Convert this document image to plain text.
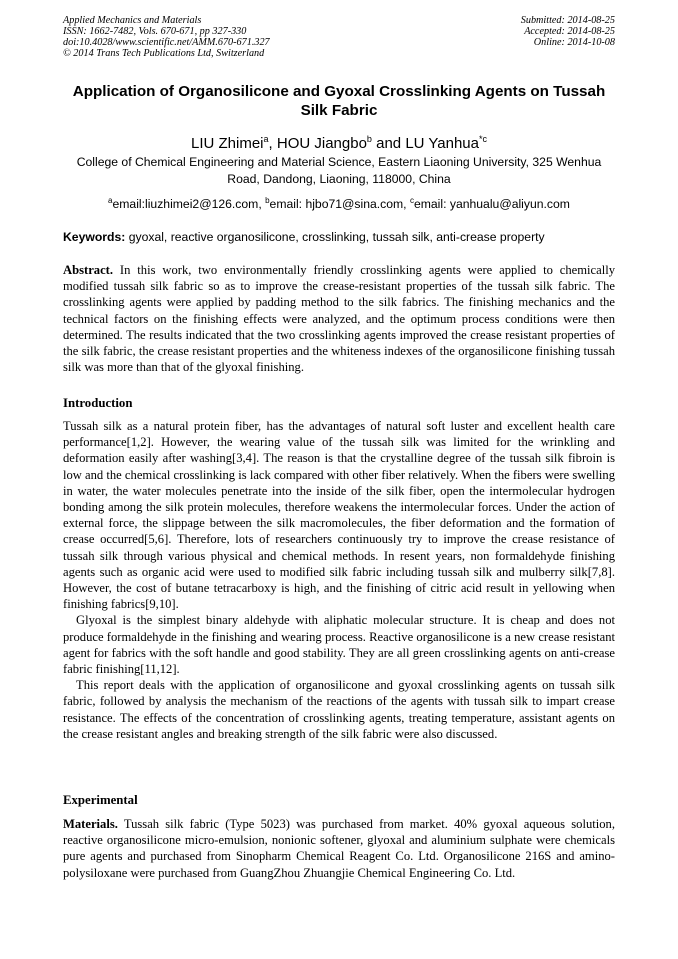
Applied Mechanics and Materials
ISSN: 1662-7482, Vols. 670-671, pp 327-330
doi:10.4028/www.scientific.net/AMM.670-671.327
© 2014 Trans Tech Publications Ltd, Switzerland
Submitted: 2014-08-25
Accepted: 2014-08-25
Online: 2014-10-08
Application of Organosilicone and Gyoxal Crosslinking Agents on Tussah Silk Fabric
LIU Zhimei$^a$, HOU Jiangbo$^b$ and LU Yanhua$^{*c}$
College of Chemical Engineering and Material Science, Eastern Liaoning University, 325 Wenhua Road, Dandong, Liaoning, 118000, China
$^a$email:liuzhimei2@126.com, $^b$email: hjbo71@sina.com, $^c$email: yanhualu@aliyun.com
Keywords: gyoxal, reactive organosilicone, crosslinking, tussah silk, anti-crease property

Abstract. In this work, two environmentally friendly crosslinking agents were applied to chemically modified tussah silk fabric so as to improve the crease-resistant properties of the tussah silk fabric. The crosslinking agents were applied by padding method to the silk fabrics. The finishing mechanics and the technical factors on the finishing effects were analyzed, and the optimum process conditions were then determined. The results indicated that the two crosslinking agents improved the crease resistant properties of the silk fabric, the crease resistant properties and the whiteness indexes of the organosilicone finishing tussah silk was more than that of the glyoxal finishing.

Introduction

Tussah silk as a natural protein fiber, has the advantages of natural soft luster and excellent health care performance[1,2]. However, the wearing value of the tussah silk was limited for the wrinkling and deformation easily after washing[3,4]. The reason is that the crystalline degree of the tussah silk fibroin is low and the chemical crosslinking is lack compared with other fiber relatively. When the fibers were swelling in water, the water molecules penetrate into the inside of the silk fiber, open the intermolecular hydrogen bonding among the silk protein molecules, therefore weakens the intermolecular forces. Under the action of external force, the slippage between the silk macromolecules, the fiber deformation and the formation of crease occurred[5,6]. Therefore, lots of researchers continuously try to improve the crease resistance of tussah silk through various physical and chemical methods. In resent years, non formaldehyde finishing agents such as organic acid were used to modified silk fabric including tussah silk and mulberry silk[7,8]. However, the cost of butane tetracarboxy is high, and the finishing of citric acid result in yellowing when finishing fabrics[9,10].

Glyoxal is the simplest binary aldehyde with aliphatic molecular structure. It is cheap and does not produce formaldehyde in the finishing and wearing process. Reactive organosilicone is a new crease resistant agent for fabrics with the soft handle and good stability. They are all green crosslinking agents on anti-crease fabric finishing[11,12].

This report deals with the application of organosilicone and gyoxal crosslinking agents on tussah silk fabric, followed by analysis the mechanism of the reactions of the agents with tussah silk to impart crease resistance. The effects of the concentration of crosslinking agents, treating temperature, assistant agents on the crease resistant angles and breaking strength of the silk fabric were also discussed.

Experimental

Materials. Tussah silk fabric (Type 5023) was purchased from market. 40% gyoxal aqueous solution, reactive organosilicone micro-emulsion, nonionic softener, glyoxal and aluminium sulphate were chemicals pure agents and purchased from Sinopharm Chemical Reagent Co. Ltd. Organosilicone 216S and amino-polysiloxane were purchased from GuangZhou Zhuangjie Chemical Engineering Co. Ltd.
